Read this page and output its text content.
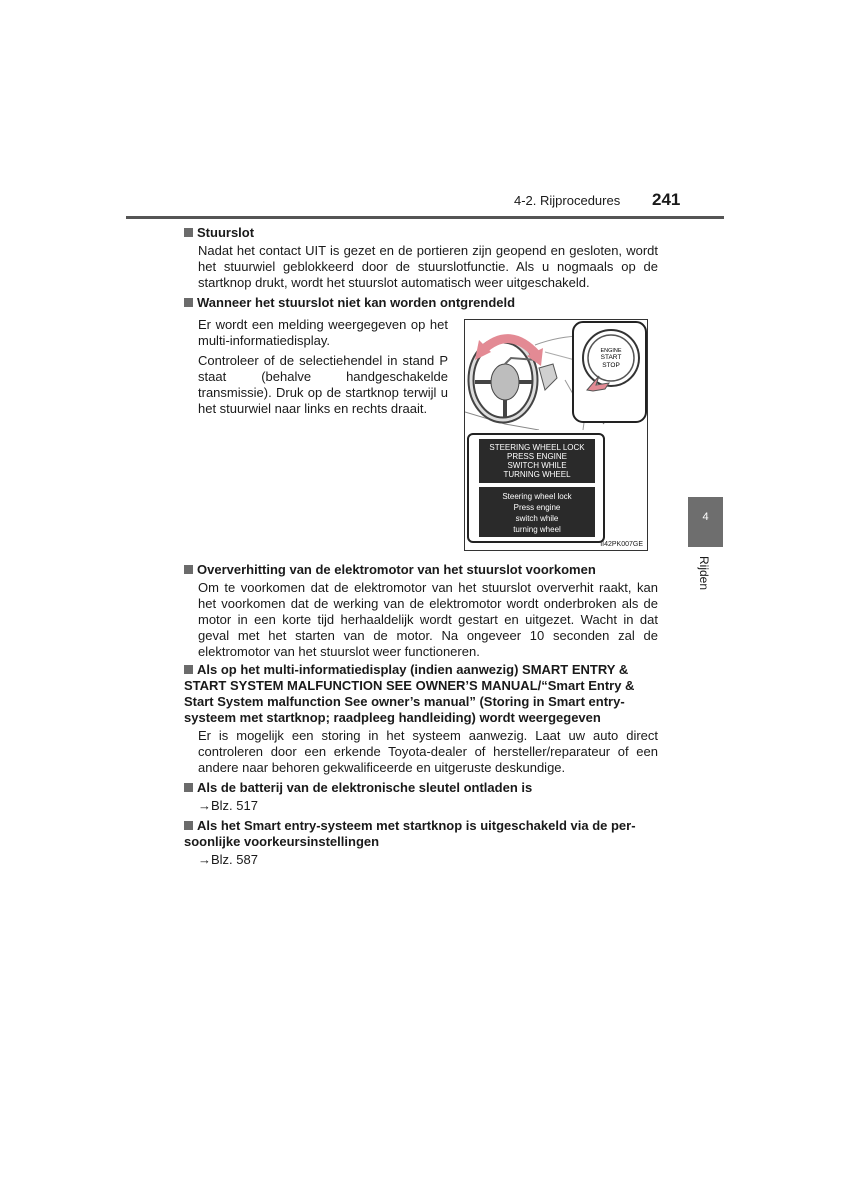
4-2. Rijprocedures 241
4
Rijden
Stuurslot

Nadat het contact UIT is gezet en de portieren zijn geopend en gesloten, wordt het stuurwiel geblokkeerd door de stuurslotfunctie. Als u nogmaals op de startknop drukt, wordt het stuurslot automatisch weer uitgeschakeld.

Wanneer het stuurslot niet kan worden ontgrendeld

Er wordt een melding weergegeven op het multi-informatiedisplay.

Controleer of de selectiehendel in stand P staat (behalve handgeschakelde transmissie). Druk op de startknop terwijl u het stuurwiel naar links en rechts draait.

ENGINE
START
STOP
STEERING WHEEL LOCK
PRESS ENGINE
SWITCH WHILE
TURNING WHEEL
Steering wheel lock
Press engine
switch while
turning wheel
II42PK007GE
Oververhitting van de elektromotor van het stuurslot voorkomen

Om te voorkomen dat de elektromotor van het stuurslot oververhit raakt, kan het voorkomen dat de werking van de elektromotor wordt onderbroken als de motor in een korte tijd herhaaldelijk wordt gestart en uitgezet. Wacht in dat geval met het starten van de motor. Na ongeveer 10 seconden zal de elektromotor van het stuurslot weer functioneren.

Als op het multi-informatiedisplay (indien aanwezig) SMART ENTRY &
START SYSTEM MALFUNCTION SEE OWNER’S MANUAL/“Smart Entry &
Start System malfunction See owner’s manual” (Storing in Smart entry-
systeem met startknop; raadpleeg handleiding) wordt weergegeven

Er is mogelijk een storing in het systeem aanwezig. Laat uw auto direct controleren door een erkende Toyota-dealer of hersteller/reparateur of een andere naar behoren gekwalificeerde en uitgeruste deskundige.

Als de batterij van de elektronische sleutel ontladen is
→Blz. 517
Als het Smart entry-systeem met startknop is uitgeschakeld via de per-
soonlijke voorkeursinstellingen
→Blz. 587
